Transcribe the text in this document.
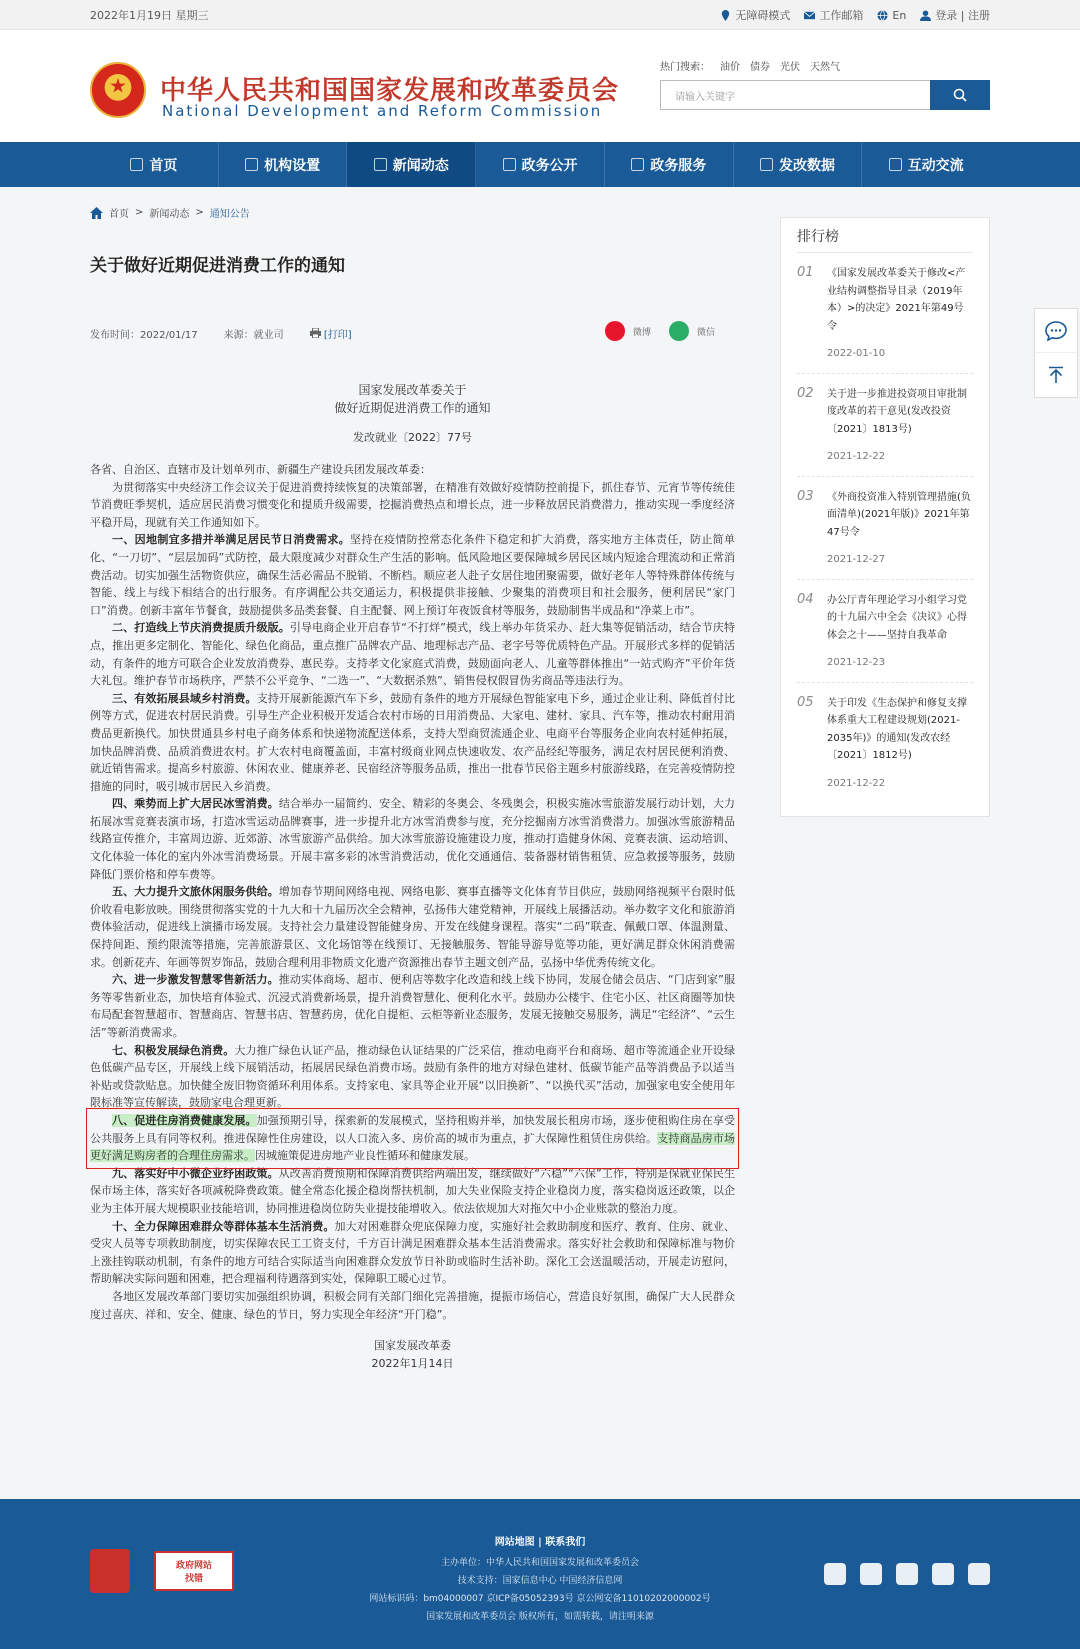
2022年1月19日 星期三	无障碍模式	工作邮箱	En	登录 | 注册
中华人民共和国国家发展和改革委员会
National Development and Reform Commission
热门搜索： 油价 债券 光伏 天然气
请输入关键字
首页	机构设置	新闻动态	政务公开	政务服务	发改数据	互动交流
首页 > 新闻动态 > 通知公告
关于做好近期促进消费工作的通知
发布时间：2022/01/17	来源：就业司	[打印]	微博	微信
国家发展改革委关于
做好近期促进消费工作的通知
发改就业〔2022〕77号

各省、自治区、直辖市及计划单列市、新疆生产建设兵团发展改革委：

为贯彻落实中央经济工作会议关于促进消费持续恢复的决策部署，在精准有效做好疫情防控前提下，抓住春节、元宵节等传统佳节消费旺季契机，适应居民消费习惯变化和提质升级需要，挖掘消费热点和增长点，进一步释放居民消费潜力，推动实现一季度经济平稳开局，现就有关工作通知如下。

一、因地制宜多措并举满足居民节日消费需求。坚持在疫情防控常态化条件下稳定和扩大消费，落实地方主体责任，防止简单化、“一刀切”、“层层加码”式防控，最大限度减少对群众生产生活的影响。低风险地区要保障城乡居民区域内短途合理流动和正常消费活动。切实加强生活物资供应，确保生活必需品不脱销、不断档。顺应老人赴子女居住地团聚需要，做好老年人等特殊群体传统与智能、线上与线下相结合的出行服务。有序调配公共交通运力，积极提供非接触、少聚集的消费项目和社会服务，便利居民“家门口”消费。创新丰富年节餐食，鼓励提供多品类套餐、自主配餐、网上预订年夜饭食材等服务，鼓励制售半成品和“净菜上市”。

二、打造线上节庆消费提质升级版。引导电商企业开启春节“不打烊”模式，线上举办年货采办、赶大集等促销活动，结合节庆特点，推出更多定制化、智能化、绿色化商品，重点推广品牌农产品、地理标志产品、老字号等优质特色产品。开展形式多样的促销活动，有条件的地方可联合企业发放消费券、惠民券。支持孝文化家庭式消费，鼓励面向老人、儿童等群体推出“一站式购齐”平价年货大礼包。维护春节市场秩序，严禁不公平竞争、“二选一”、“大数据杀熟”、销售侵权假冒伪劣商品等违法行为。

三、有效拓展县域乡村消费。支持开展新能源汽车下乡，鼓励有条件的地方开展绿色智能家电下乡，通过企业让利、降低首付比例等方式，促进农村居民消费。引导生产企业积极开发适合农村市场的日用消费品、大家电、建材、家具、汽车等，推动农村耐用消费品更新换代。加快贯通县乡村电子商务体系和快递物流配送体系，支持大型商贸流通企业、电商平台等服务企业向农村延伸拓展，加快品牌消费、品质消费进农村。扩大农村电商覆盖面，丰富村级商业网点快速收发、农产品经纪等服务，满足农村居民便利消费、就近销售需求。提高乡村旅游、休闲农业、健康养老、民宿经济等服务品质，推出一批春节民俗主题乡村旅游线路，在完善疫情防控措施的同时，吸引城市居民入乡消费。

四、乘势而上扩大居民冰雪消费。结合举办一届简约、安全、精彩的冬奥会、冬残奥会，积极实施冰雪旅游发展行动计划，大力拓展冰雪竞赛表演市场，打造冰雪运动品牌赛事，进一步提升北方冰雪消费参与度，充分挖掘南方冰雪消费潜力。加强冰雪旅游精品线路宣传推介，丰富周边游、近郊游、冰雪旅游产品供给。加大冰雪旅游设施建设力度，推动打造健身休闲、竞赛表演、运动培训、文化体验一体化的室内外冰雪消费场景。开展丰富多彩的冰雪消费活动，优化交通通信、装备器材销售租赁、应急救援等服务，鼓励降低门票价格和停车费等。

五、大力提升文旅休闲服务供给。增加春节期间网络电视、网络电影、赛事直播等文化体育节目供应，鼓励网络视频平台限时低价收看电影放映。围绕贯彻落实党的十九大和十九届历次全会精神，弘扬伟大建党精神，开展线上展播活动。举办数字文化和旅游消费体验活动，促进线上演播市场发展。支持社会力量建设智能健身房、开发在线健身课程。落实“二码”联查、佩戴口罩、体温测量、保持间距、预约限流等措施，完善旅游景区、文化场馆等在线预订、无接触服务、智能导游导览等功能，更好满足群众休闲消费需求。创新花卉、年画等贺岁饰品，鼓励合理利用非物质文化遗产资源推出春节主题文创产品，弘扬中华优秀传统文化。

六、进一步激发智慧零售新活力。推动实体商场、超市、便利店等数字化改造和线上线下协同，发展仓储会员店、“门店到家”服务等零售新业态，加快培育体验式、沉浸式消费新场景，提升消费智慧化、便利化水平。鼓励办公楼宇、住宅小区、社区商圈等加快布局配套智慧超市、智慧商店、智慧书店、智慧药房，优化自提柜、云柜等新业态服务，发展无接触交易服务，满足“宅经济”、“云生活”等新消费需求。

七、积极发展绿色消费。大力推广绿色认证产品，推动绿色认证结果的广泛采信，推动电商平台和商场、超市等流通企业开设绿色低碳产品专区，开展线上线下展销活动，拓展居民绿色消费市场。鼓励有条件的地方对绿色建材、低碳节能产品等消费品予以适当补贴或贷款贴息。加快健全废旧物资循环利用体系。支持家电、家具等企业开展“以旧换新”、“以换代买”活动，加强家电安全使用年限标准等宣传解读，鼓励家电合理更新。

八、促进住房消费健康发展。加强预期引导，探索新的发展模式，坚持租购并举，加快发展长租房市场，逐步使租购住房在享受公共服务上具有同等权利。推进保障性住房建设，以人口流入多、房价高的城市为重点，扩大保障性租赁住房供给。支持商品房市场更好满足购房者的合理住房需求。因城施策促进房地产业良性循环和健康发展。

九、落实好中小微企业纾困政策。从改善消费预期和保障消费供给两端出发，继续做好“六稳”“六保”工作，特别是保就业保民生保市场主体，落实好各项减税降费政策。健全常态化援企稳岗帮扶机制，加大失业保险支持企业稳岗力度，落实稳岗返还政策，以企业为主体开展大规模职业技能培训，协同推进稳岗位防失业提技能增收入。依法依规加大对拖欠中小企业账款的整治力度。

十、全力保障困难群众等群体基本生活消费。加大对困难群众兜底保障力度，实施好社会救助制度和医疗、教育、住房、就业、受灾人员等专项救助制度，切实保障农民工工资支付，千方百计满足困难群众基本生活消费需求。落实好社会救助和保障标准与物价上涨挂钩联动机制，有条件的地方可结合实际适当向困难群众发放节日补助或临时生活补助。深化工会送温暖活动，开展走访慰问，帮助解决实际问题和困难，把合理福利待遇落到实处，保障职工暖心过节。

各地区发展改革部门要切实加强组织协调，积极会同有关部门细化完善措施，提振市场信心，营造良好氛围，确保广大人民群众度过喜庆、祥和、安全、健康、绿色的节日，努力实现全年经济“开门稳”。

国家发展改革委
2022年1月14日
排行榜
01	《国家发展改革委关于修改<产业结构调整指导目录（2019年本）>的决定》2021年第49号令
2022-01-10
02	关于进一步推进投资项目审批制度改革的若干意见(发改投资〔2021〕1813号)
2021-12-22
03	《外商投资准入特别管理措施(负面清单)(2021年版)》2021年第47号令
2021-12-27
04	办公厅青年理论学习小组学习党的十九届六中全会《决议》心得体会之十——坚持自我革命
2021-12-23
05	关于印发《生态保护和修复支撑体系重大工程建设规划(2021-2035年)》的通知(发改农经〔2021〕1812号)
2021-12-22
政府网站
找错
网站地图 | 联系我们
主办单位：中华人民共和国国家发展和改革委员会
技术支持：国家信息中心 中国经济信息网
网站标识码：bm04000007 京ICP备05052393号 京公网安备11010202000002号
国家发展和改革委员会 版权所有，如需转载，请注明来源
